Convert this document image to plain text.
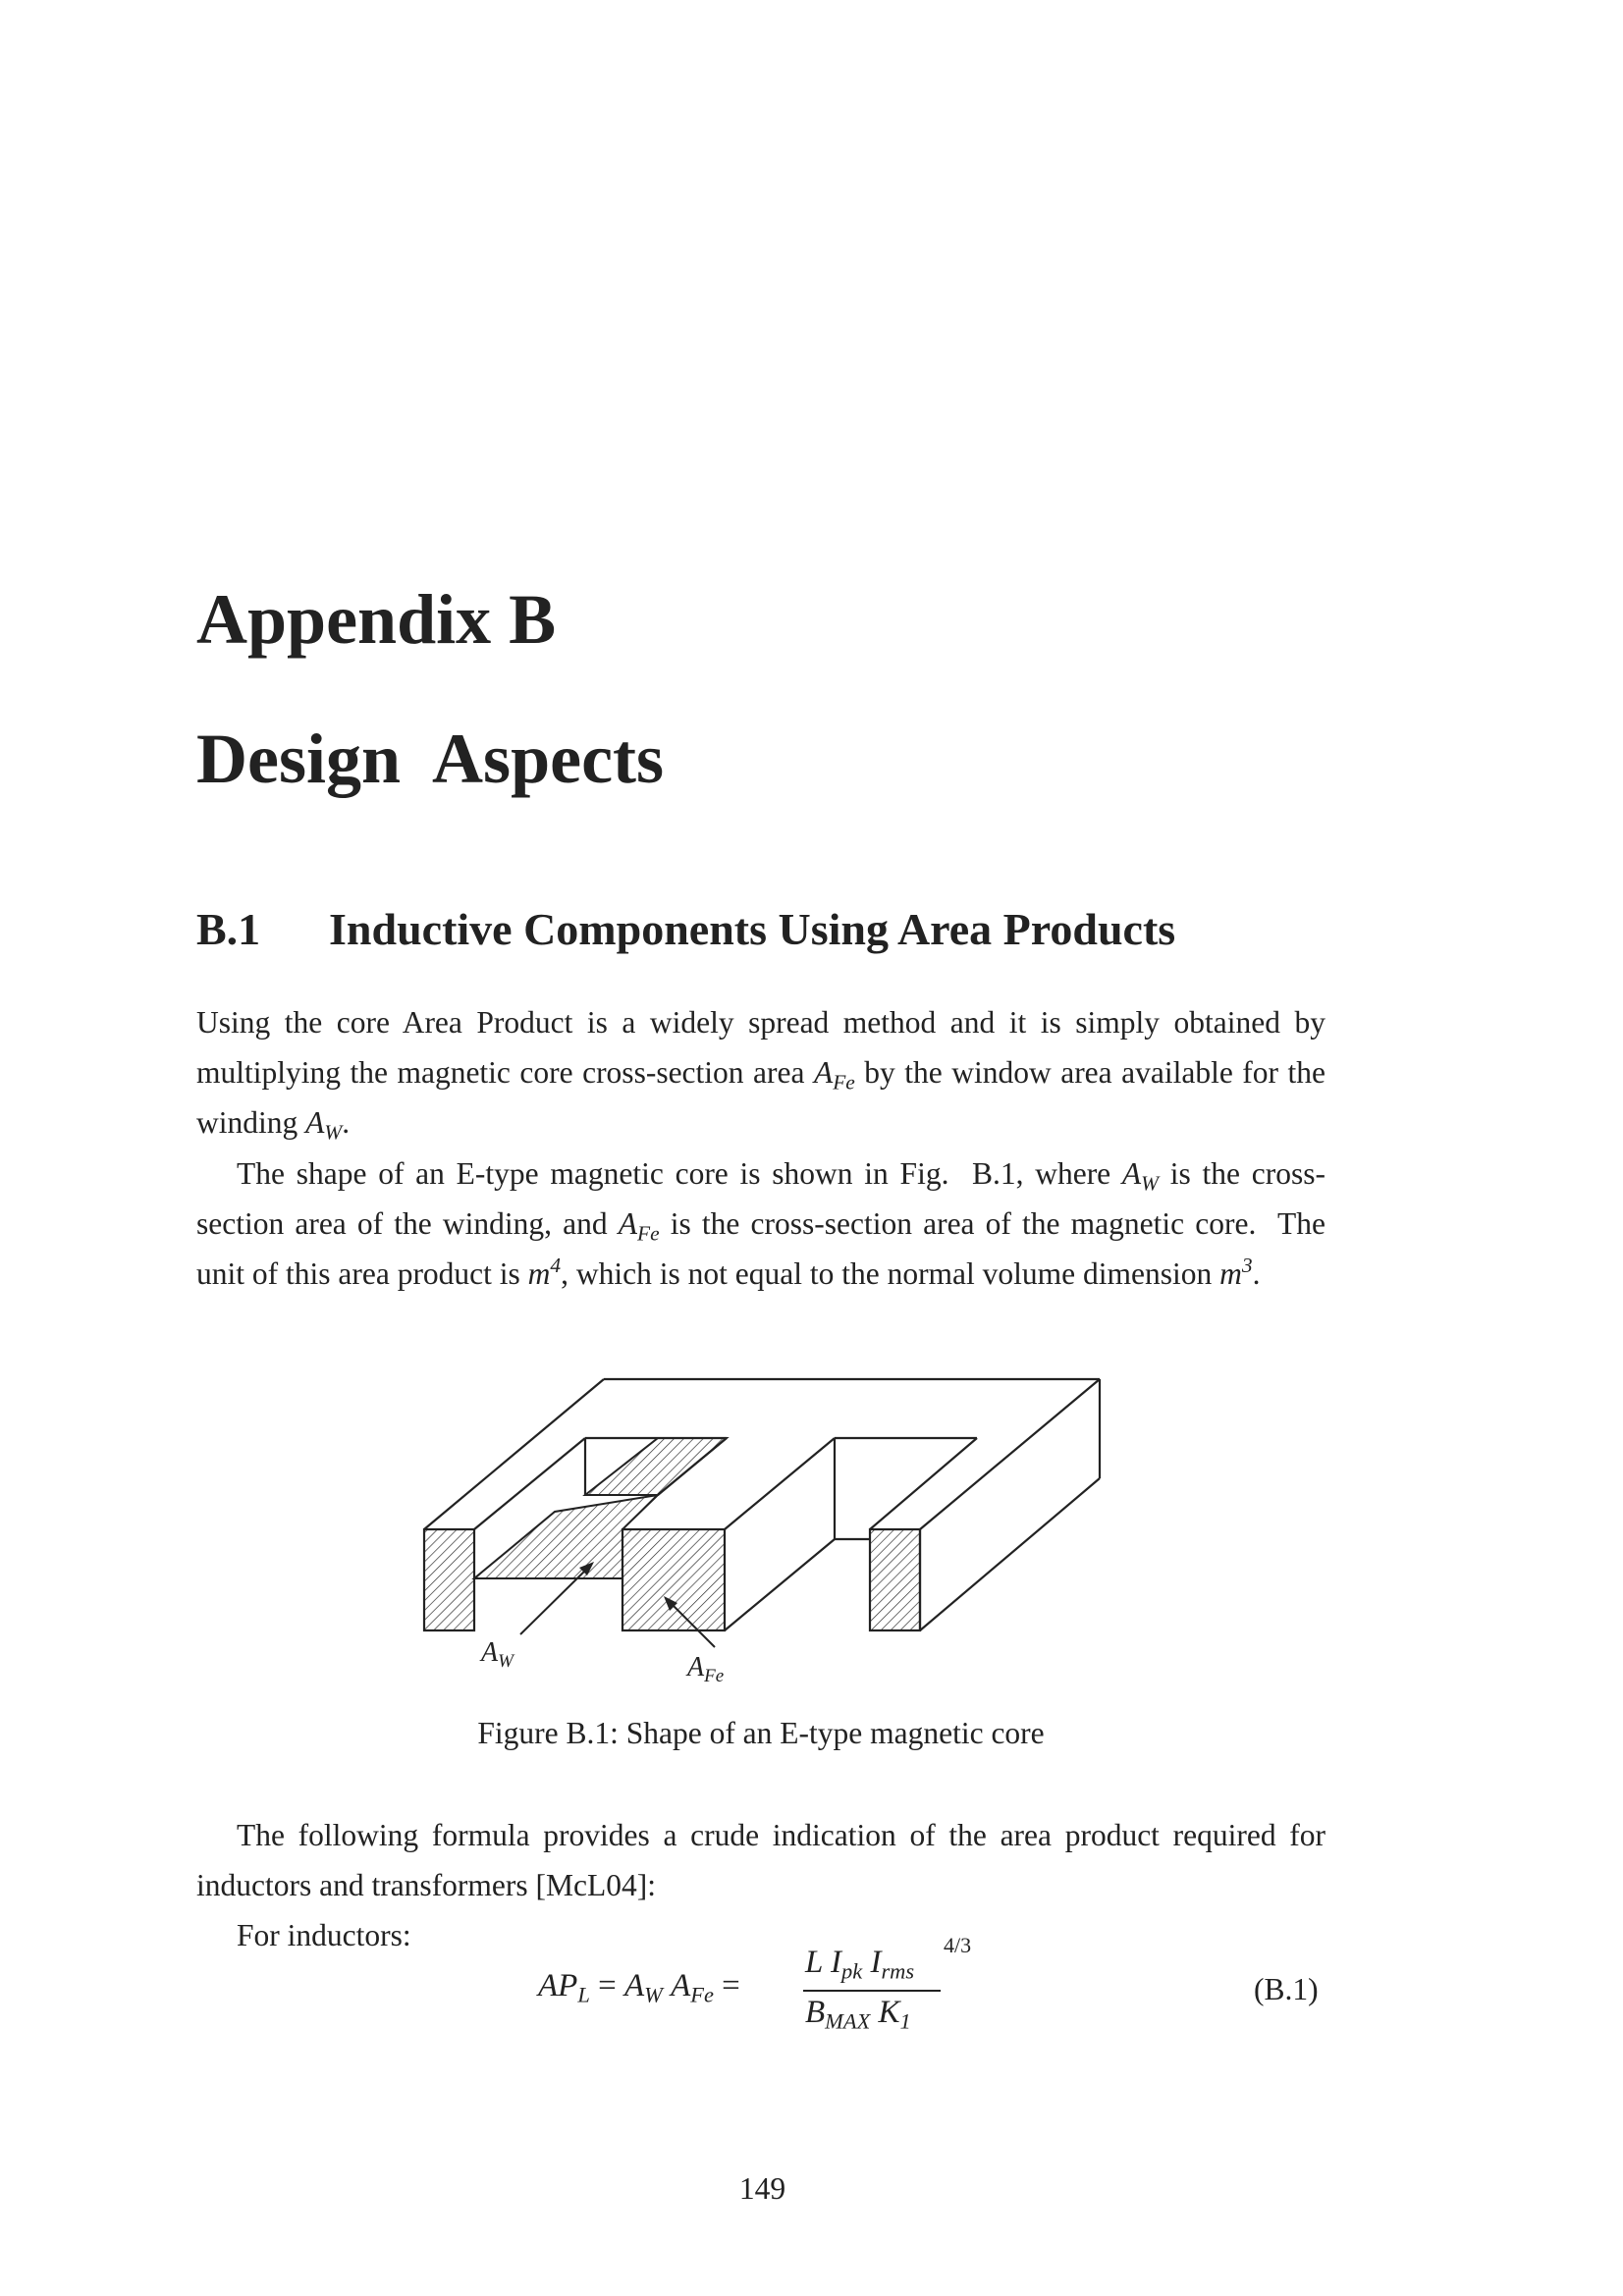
Appendix B
Design  Aspects
B.1 Inductive Components Using Area Products

Using the core Area Product is a widely spread method and it is simply obtained by multiplying the magnetic core cross-section area $A_{Fe}$ by the window area available for the winding $A_W$.

The shape of an E-type magnetic core is shown in Fig.  B.1, where $A_W$ is the cross-section area of the winding, and $A_{Fe}$ is the cross-section area of the magnetic core.  The unit of this area product is $m^4$, which is not equal to the normal volume dimension $m^3$.

$A_W$	$A_{Fe}$

Figure B.1: Shape of an E-type magnetic core

The following formula provides a crude indication of the area product required for inductors and transformers [McL04]:

For inductors:

$AP_L = A_W$ $A_{Fe}$ =
L $I_{pk}$ $I_{rms}$
4/3
$B_{MAX}$ $K_1$
(B.1)
149
